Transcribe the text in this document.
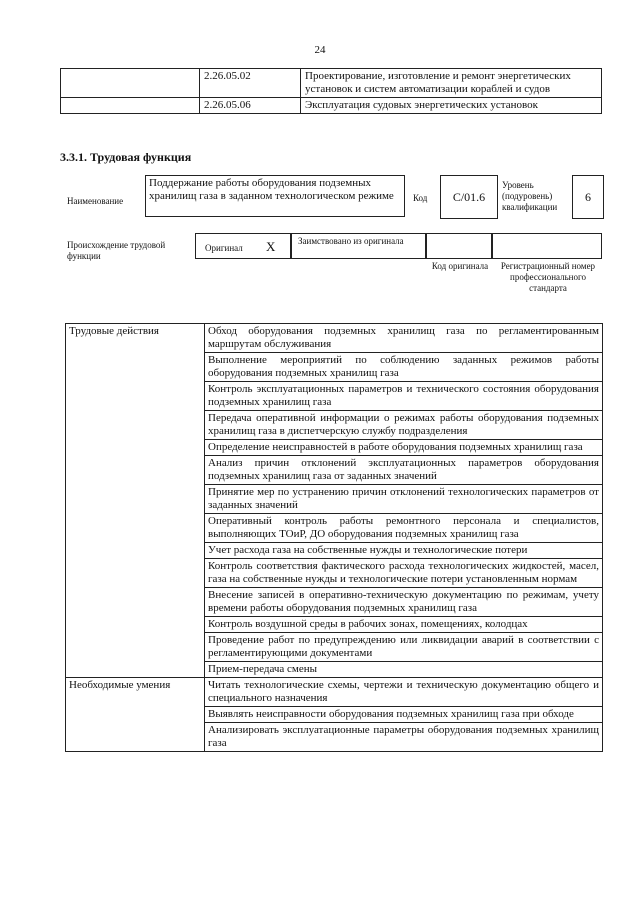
24
	2.26.05.02	Проектирование, изготовление и ремонт энергетических установок и систем автоматизации кораблей и судов
	2.26.05.06	Эксплуатация судовых энергетических установок
3.3.1. Трудовая функция
Наименование
Поддержание работы оборудования подземных хранилищ газа в заданном технологическом режиме	Код	С/01.6
Уровень (подуровень) квалификации
6
Происхождение трудовой функции
Оригинал X	Заимствовано из оригинала
Код оригинала Регистрационный номер профессионального стандарта
Трудовые действия	Обход оборудования подземных хранилищ газа по регламентированным маршрутам обслуживания
	Выполнение мероприятий по соблюдению заданных режимов работы оборудования подземных хранилищ газа
	Контроль эксплуатационных параметров и технического состояния оборудования подземных хранилищ газа
	Передача оперативной информации о режимах работы оборудования подземных хранилищ газа в диспетчерскую службу подразделения
	Определение неисправностей в работе оборудования подземных хранилищ газа
	Анализ причин отклонений эксплуатационных параметров оборудования подземных хранилищ газа от заданных значений
	Принятие мер по устранению причин отклонений технологических параметров от заданных значений
	Оперативный контроль работы ремонтного персонала и специалистов, выполняющих ТОиР, ДО оборудования подземных хранилищ газа
	Учет расхода газа на собственные нужды и технологические потери
	Контроль соответствия фактического расхода технологических жидкостей, масел, газа на собственные нужды и технологические потери установленным нормам
	Внесение записей в оперативно-техническую документацию по режимам, учету времени работы оборудования подземных хранилищ газа
	Контроль воздушной среды в рабочих зонах, помещениях, колодцах
	Проведение работ по предупреждению или ликвидации аварий в соответствии с регламентирующими документами
	Прием-передача смены
Необходимые умения	Читать технологические схемы, чертежи и техническую документацию общего и специального назначения
	Выявлять неисправности оборудования подземных хранилищ газа при обходе
	Анализировать эксплуатационные параметры оборудования подземных хранилищ газа
